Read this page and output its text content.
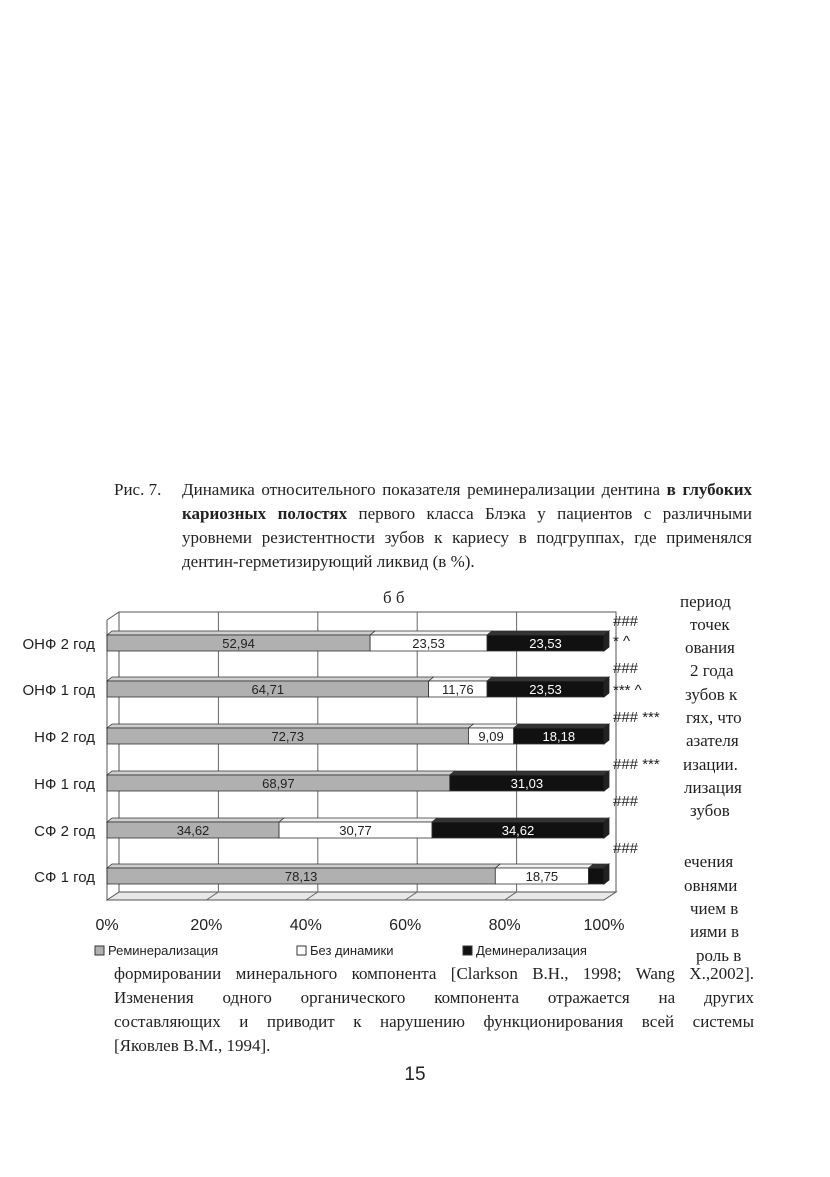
Рис. 7. Динамика относительного показателя реминерализации дентина в глубоких кариозных полостях первого класса Блэка у пациентов с различными уровнеми резистентности зубов к кариесу в подгруппах, где применялся дентин-герметизирующий ликвид (в %).
б б	период
точек
ования
2 года
зубов к
гях, что
азателя
изации.
лизация
зубов
ечения
овнями
чием в
иями в
роль в
ОНФ 2 год	52,94	23,53	23,53
ОНФ 1 год	64,71	11,76	23,53
НФ 2 год	72,73	9,09	18,18
НФ 1 год	68,97	31,03
СФ 2 год	34,62	30,77	34,62
СФ 1 год	78,13	18,75
###
* ^
###
*** ^
### ***
### ***
###
###
0%	20%	40%	60%	80%	100%
Реминерализация	Без динамики	Деминерализация
формировании минерального компонента [Clarkson B.H., 1998; Wang X.,2002].
Изменения одного органического компонента отражается на других
составляющих и приводит к нарушению функционирования всей системы
[Яковлев В.М., 1994].
15
